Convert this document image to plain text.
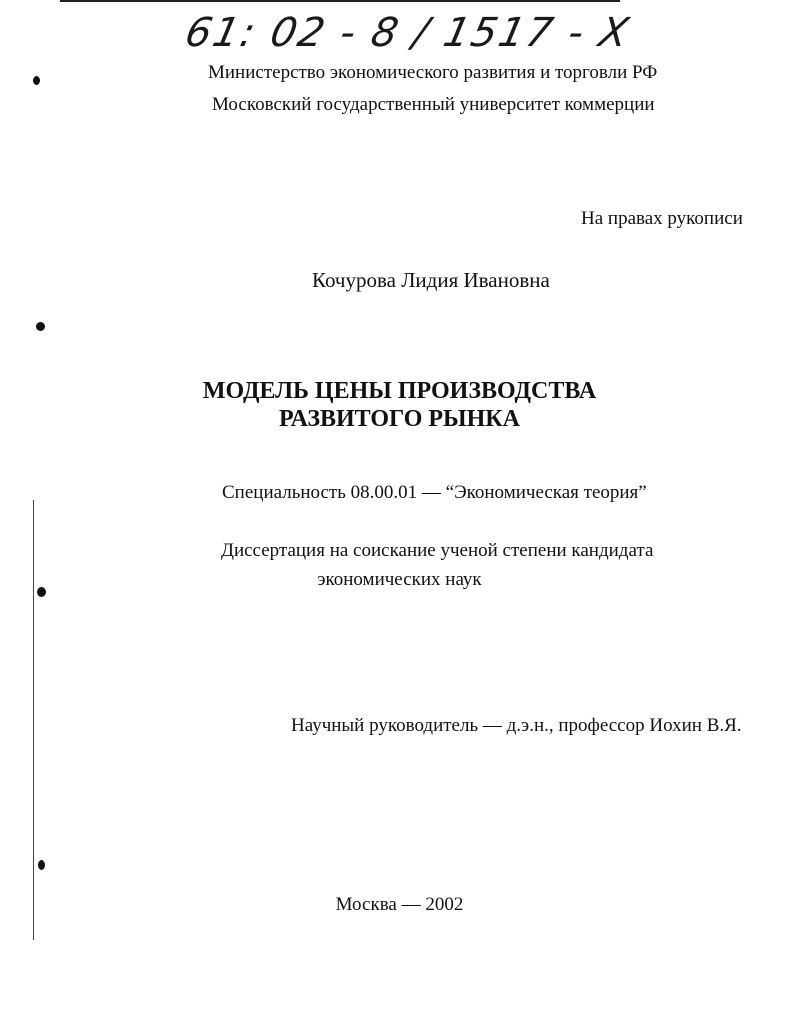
61: 02 - 8 / 1517 - X
Министерство экономического развития и торговли РФ
Московский государственный университет коммерции
На правах рукописи
Кочурова Лидия Ивановна
МОДЕЛЬ ЦЕНЫ ПРОИЗВОДСТВА
РАЗВИТОГО РЫНКА
Специальность 08.00.01 — “Экономическая теория”
Диссертация на соискание ученой степени кандидата
экономических наук
Научный руководитель — д.э.н., профессор Иохин В.Я.
Москва — 2002
